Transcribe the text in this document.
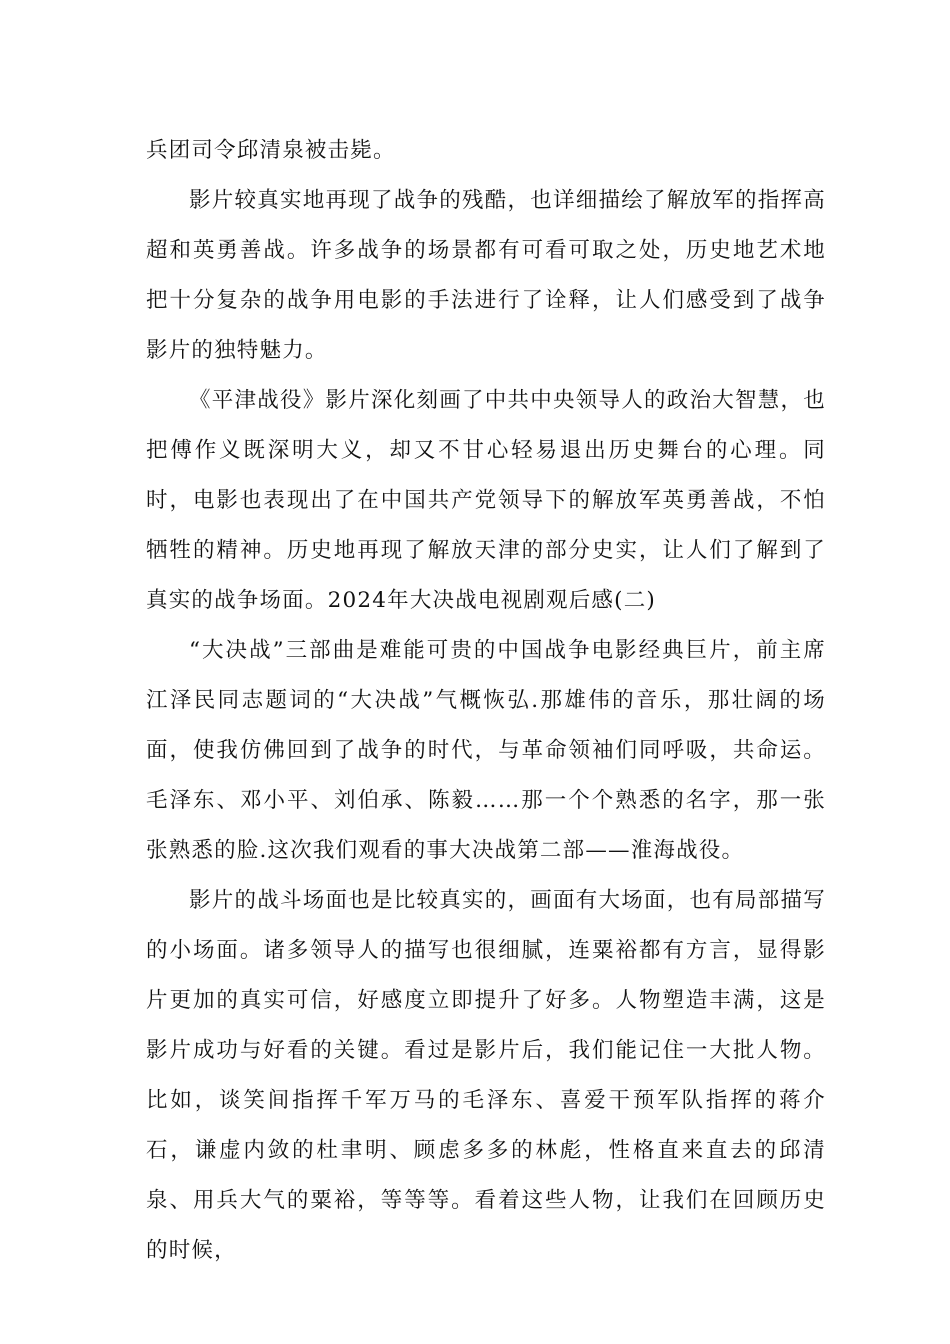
兵团司令邱清泉被击毙。

影片较真实地再现了战争的残酷，也详细描绘了解放军的指挥高超和英勇善战。许多战争的场景都有可看可取之处，历史地艺术地把十分复杂的战争用电影的手法进行了诠释，让人们感受到了战争影片的独特魅力。

《平津战役》影片深化刻画了中共中央领导人的政治大智慧，也把傅作义既深明大义，却又不甘心轻易退出历史舞台的心理。同时，电影也表现出了在中国共产党领导下的解放军英勇善战，不怕牺牲的精神。历史地再现了解放天津的部分史实，让人们了解到了真实的战争场面。2024年大决战电视剧观后感(二)

“大决战”三部曲是难能可贵的中国战争电影经典巨片，前主席江泽民同志题词的“大决战”气概恢弘.那雄伟的音乐，那壮阔的场面，使我仿佛回到了战争的时代，与革命领袖们同呼吸，共命运。毛泽东、邓小平、刘伯承、陈毅……那一个个熟悉的名字，那一张张熟悉的脸.这次我们观看的事大决战第二部——淮海战役。

影片的战斗场面也是比较真实的，画面有大场面，也有局部描写的小场面。诸多领导人的描写也很细腻，连粟裕都有方言，显得影片更加的真实可信，好感度立即提升了好多。人物塑造丰满，这是影片成功与好看的关键。看过是影片后，我们能记住一大批人物。比如，谈笑间指挥千军万马的毛泽东、喜爱干预军队指挥的蒋介石，谦虚内敛的杜聿明、顾虑多多的林彪，性格直来直去的邱清泉、用兵大气的粟裕，等等等。看着这些人物，让我们在回顾历史的时候，
